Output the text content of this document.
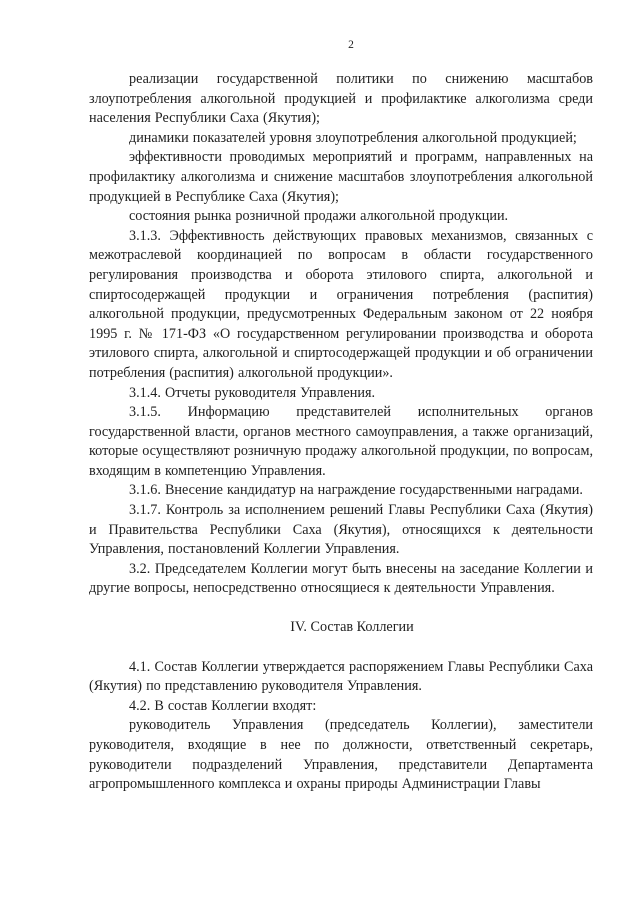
2

реализации государственной политики по снижению масштабов злоупотребления алкогольной продукцией и профилактике алкоголизма среди населения Республики Саха (Якутия);

динамики показателей уровня злоупотребления алкогольной продукцией;

эффективности проводимых мероприятий и программ, направленных на профилактику алкоголизма и снижение масштабов злоупотребления алкогольной продукцией в Республике Саха (Якутия);

состояния рынка розничной продажи алкогольной продукции.

3.1.3. Эффективность действующих правовых механизмов, связанных с межотраслевой координацией по вопросам в области государственного регулирования производства и оборота этилового спирта, алкогольной и спиртосодержащей продукции и ограничения потребления (распития) алкогольной продукции, предусмотренных Федеральным законом от 22 ноября 1995 г. № 171-ФЗ «О государственном регулировании производства и оборота этилового спирта, алкогольной и спиртосодержащей продукции и об ограничении потребления (распития) алкогольной продукции».

3.1.4. Отчеты руководителя Управления.

3.1.5. Информацию представителей исполнительных органов государственной власти, органов местного самоуправления, а также организаций, которые осуществляют розничную продажу алкогольной продукции, по вопросам, входящим в компетенцию Управления.

3.1.6. Внесение кандидатур на награждение государственными наградами.

3.1.7. Контроль за исполнением решений Главы Республики Саха (Якутия) и Правительства Республики Саха (Якутия), относящихся к деятельности Управления, постановлений Коллегии Управления.

3.2. Председателем Коллегии могут быть внесены на заседание Коллегии и другие вопросы, непосредственно относящиеся к деятельности Управления.

IV. Состав Коллегии

4.1. Состав Коллегии утверждается распоряжением Главы Республики Саха (Якутия) по представлению руководителя Управления.

4.2. В состав Коллегии входят:

руководитель Управления (председатель Коллегии), заместители руководителя, входящие в нее по должности, ответственный секретарь, руководители подразделений Управления, представители Департамента агропромышленного комплекса и охраны природы Администрации Главы
